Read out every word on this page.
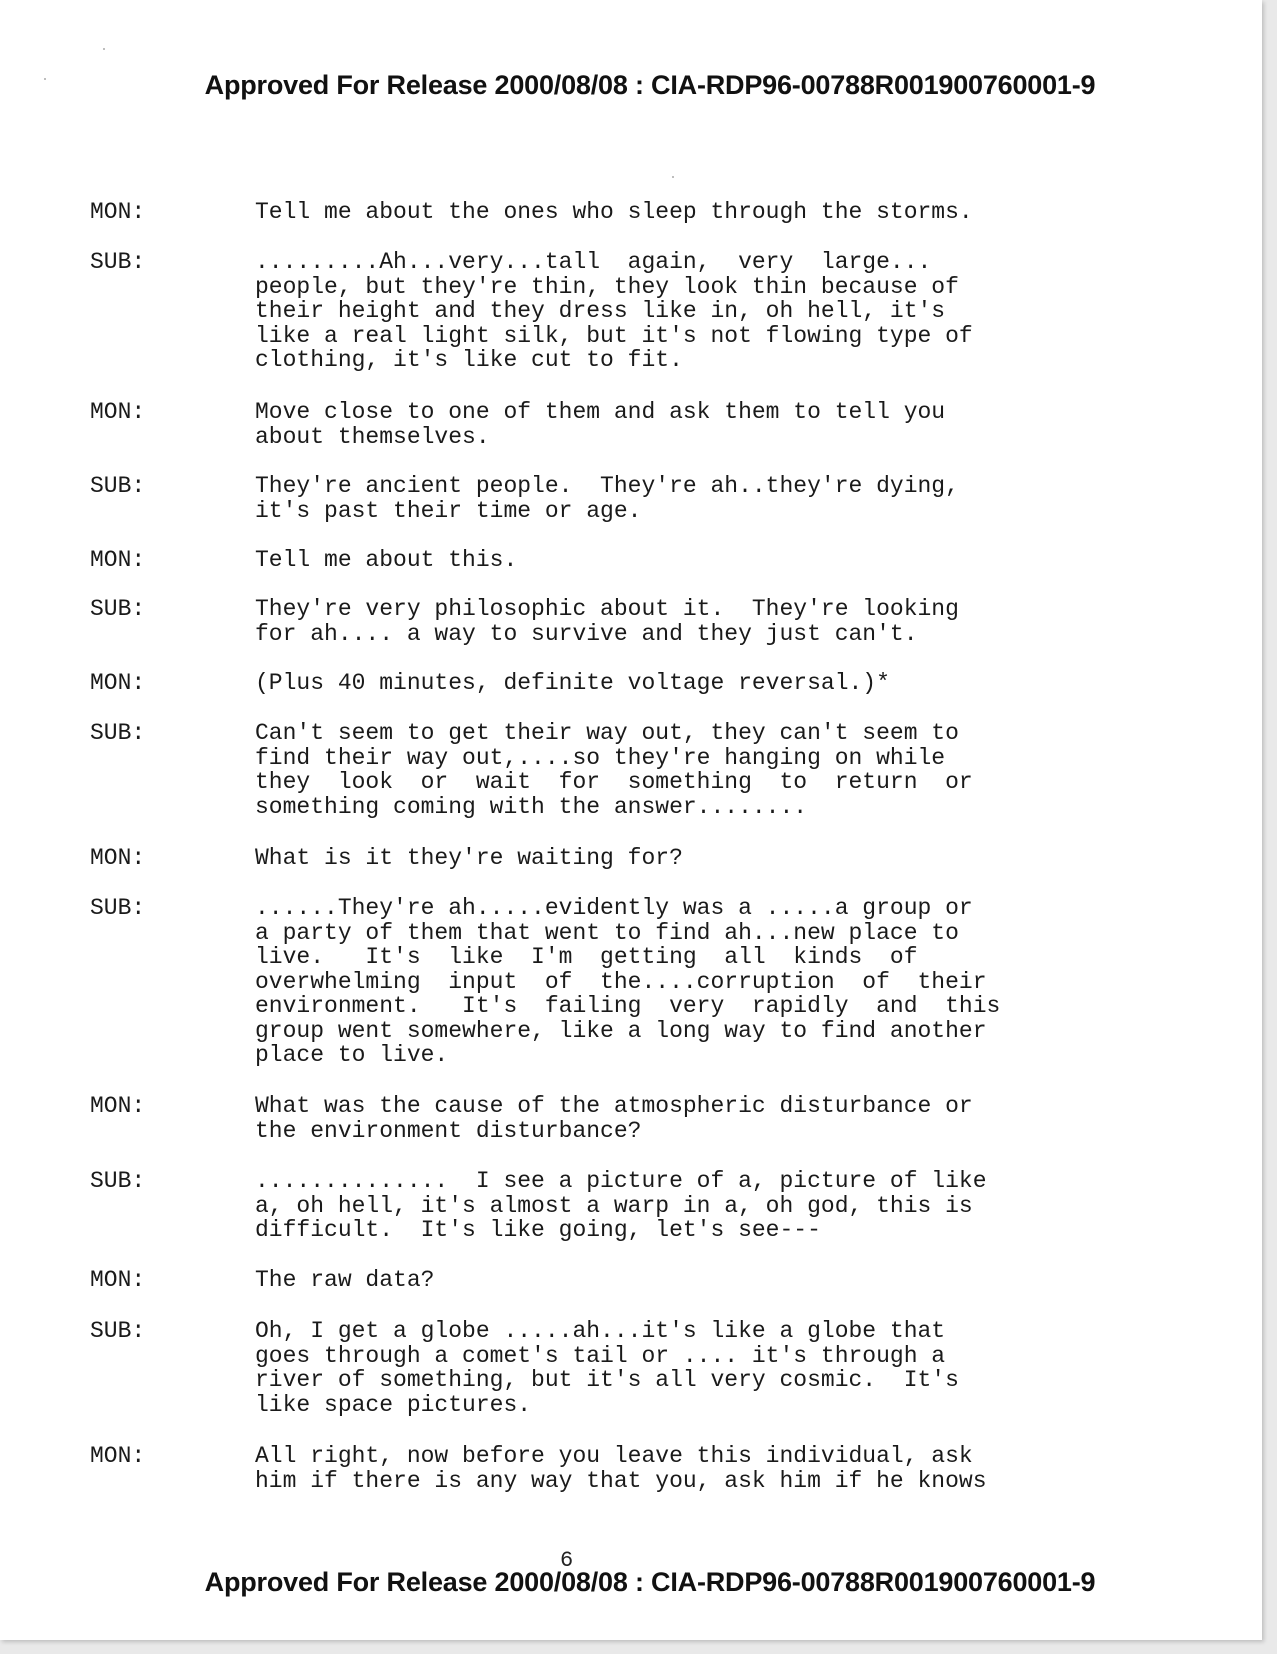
Approved For Release 2000/08/08 : CIA-RDP96-00788R001900760001-9
MON:	Tell me about the ones who sleep through the storms.
SUB:	.........Ah...very...tall  again,  very  large...
people, but they're thin, they look thin because of
their height and they dress like in, oh hell, it's
like a real light silk, but it's not flowing type of
clothing, it's like cut to fit.
MON:	Move close to one of them and ask them to tell you
about themselves.
SUB:	They're ancient people.  They're ah..they're dying,
it's past their time or age.
MON:	Tell me about this.
SUB:	They're very philosophic about it.  They're looking
for ah.... a way to survive and they just can't.
MON:	(Plus 40 minutes, definite voltage reversal.)*
SUB:	Can't seem to get their way out, they can't seem to
find their way out,....so they're hanging on while
they  look  or  wait  for  something  to  return  or
something coming with the answer........
MON:	What is it they're waiting for?
SUB:	......They're ah.....evidently was a .....a group or
a party of them that went to find ah...new place to
live.   It's  like  I'm  getting  all  kinds  of
overwhelming  input  of  the....corruption  of  their
environment.   It's  failing  very  rapidly  and  this
group went somewhere, like a long way to find another
place to live.
MON:	What was the cause of the atmospheric disturbance or
the environment disturbance?
SUB:	..............  I see a picture of a, picture of like
a, oh hell, it's almost a warp in a, oh god, this is
difficult.  It's like going, let's see---
MON:	The raw data?
SUB:	Oh, I get a globe .....ah...it's like a globe that
goes through a comet's tail or .... it's through a
river of something, but it's all very cosmic.  It's
like space pictures.
MON:	All right, now before you leave this individual, ask
him if there is any way that you, ask him if he knows
6
Approved For Release 2000/08/08 : CIA-RDP96-00788R001900760001-9
